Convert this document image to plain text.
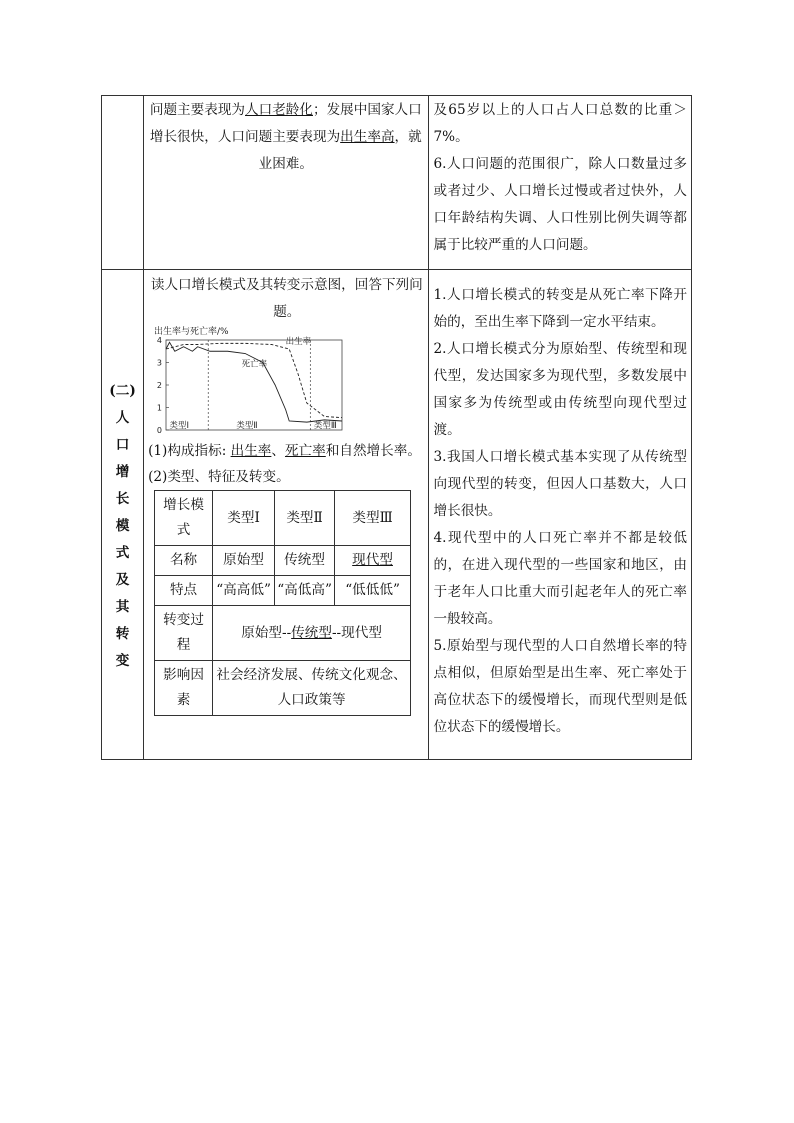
	问题主要表现为人口老龄化；发展中国家人口增长很快，人口问题主要表现为出生率高，就业困难。	
及65岁以上的人口占人口总数的比重＞7%。
6.人口问题的范围很广，除人口数量过多或者过少、人口增长过慢或者过快外，人口年龄结构失调、人口性别比例失调等都属于比较严重的人口问题。

(二)
人
口
增
长
模
式
及
其
转
变

读人口增长模式及其转变示意图，回答下列问题。
出生率与死亡率/%
0
1
2
3
4	出生率
死亡率
类型Ⅰ	类型Ⅱ	类型Ⅲ
(1)构成指标: 出生率、死亡率和自然增长率。
(2)类型、特征及转变。
增长模式	类型Ⅰ	类型Ⅱ	类型Ⅲ
名称	原始型	传统型	现代型
特点	“高高低”	“高低高”	“低低低”
转变过程	原始型--传统型--现代型
影响因素	社会经济发展、传统文化观念、人口政策等

1.人口增长模式的转变是从死亡率下降开始的，至出生率下降到一定水平结束。
2.人口增长模式分为原始型、传统型和现代型，发达国家多为现代型，多数发展中国家多为传统型或由传统型向现代型过渡。
3.我国人口增长模式基本实现了从传统型向现代型的转变，但因人口基数大，人口增长很快。
4.现代型中的人口死亡率并不都是较低的，在进入现代型的一些国家和地区，由于老年人口比重大而引起老年人的死亡率一般较高。
5.原始型与现代型的人口自然增长率的特点相似，但原始型是出生率、死亡率处于高位状态下的缓慢增长，而现代型则是低位状态下的缓慢增长。
